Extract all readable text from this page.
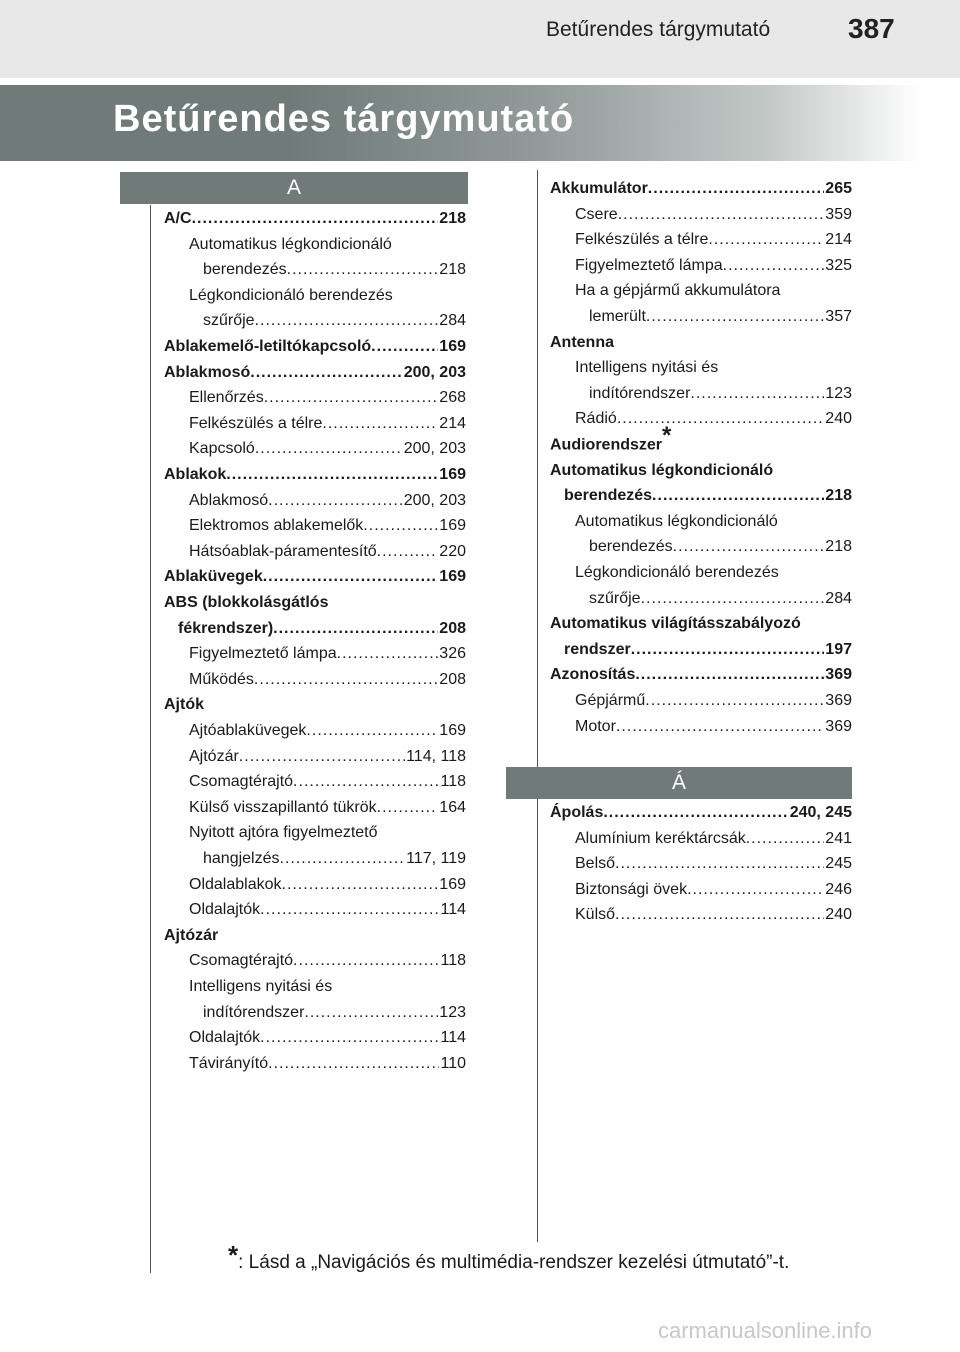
Betűrendes tárgymutató	387
Betűrendes tárgymutató
A
Á
A/C .....	218
Automatikus légkondicionáló
berendezés .....	218
Légkondicionáló berendezés
szűrője .....	284
Ablakemelő-letiltókapcsoló .....	169
Ablakmosó .....	200, 203
Ellenőrzés .....	268
Felkészülés a télre .....	214
Kapcsoló .....	200, 203
Ablakok .....	169
Ablakmosó .....	200, 203
Elektromos ablakemelők .....	169
Hátsóablak-páramentesítő .....	220
Ablaküvegek .....	169
ABS (blokkolásgátlós
fékrendszer) .....	208
Figyelmeztető lámpa .....	326
Működés .....	208
Ajtók
Ajtóablaküvegek .....	169
Ajtózár .....	114, 118
Csomagtérajtó .....	118
Külső visszapillantó tükrök .....	164
Nyitott ajtóra figyelmeztető
hangjelzés .....	117, 119
Oldalablakok .....	169
Oldalajtók .....	114
Ajtózár
Csomagtérajtó .....	118
Intelligens nyitási és
indítórendszer .....	123
Oldalajtók .....	114
Távirányító .....	110
Akkumulátor .....	265
Csere .....	359
Felkészülés a télre .....	214
Figyelmeztető lámpa .....	325
Ha a gépjármű akkumulátora
lemerült .....	357
Antenna
Intelligens nyitási és
indítórendszer .....	123
Rádió .....	240
Audiorendszer*
Automatikus légkondicionáló
berendezés .....	218
Automatikus légkondicionáló
berendezés .....	218
Légkondicionáló berendezés
szűrője .....	284
Automatikus világításszabályozó
rendszer .....	197
Azonosítás .....	369
Gépjármű .....	369
Motor .....	369
Ápolás .....	240, 245
Alumínium keréktárcsák .....	241
Belső .....	245
Biztonsági övek .....	246
Külső .....	240
*: Lásd a „Navigációs és multimédia-rendszer kezelési útmutató”-t.
carmanualsonline.info
